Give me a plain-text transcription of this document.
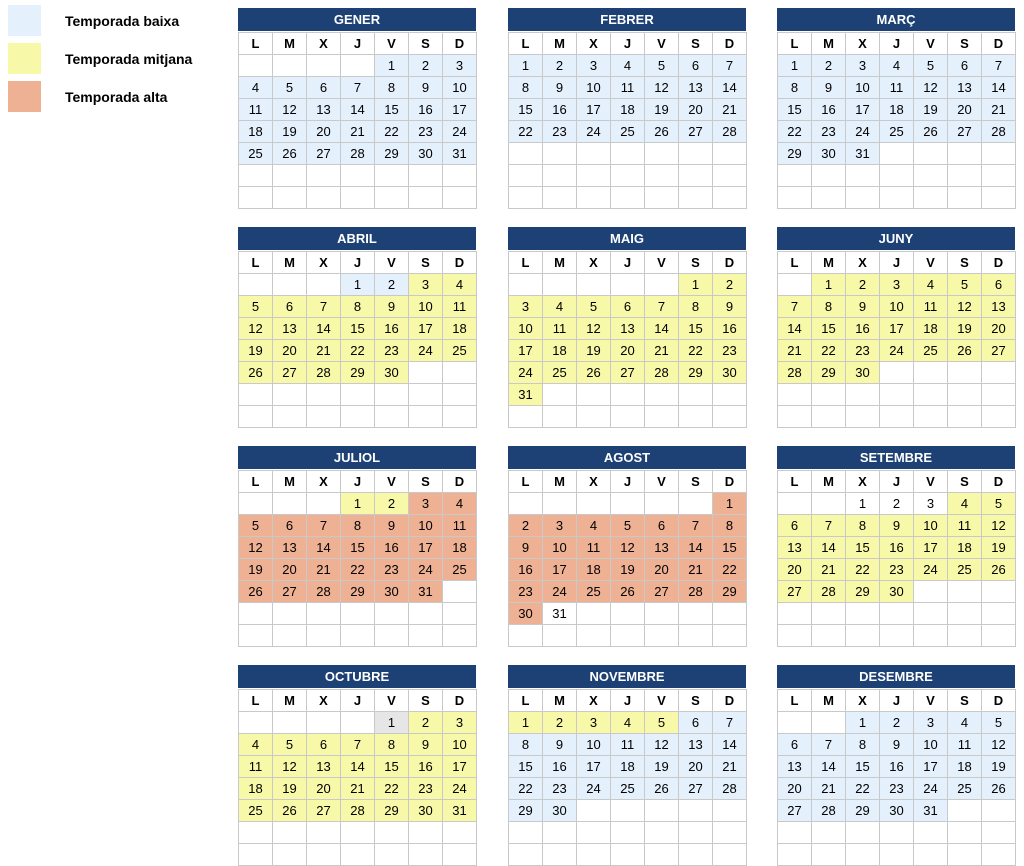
Temporada baixa
Temporada mitjana
Temporada alta
GENER
L	M	X	J	V	S	D
				1	2	3
4	5	6	7	8	9	10
11	12	13	14	15	16	17
18	19	20	21	22	23	24
25	26	27	28	29	30	31

FEBRER
L	M	X	J	V	S	D
1	2	3	4	5	6	7
8	9	10	11	12	13	14
15	16	17	18	19	20	21
22	23	24	25	26	27	28

MARÇ
L	M	X	J	V	S	D
1	2	3	4	5	6	7
8	9	10	11	12	13	14
15	16	17	18	19	20	21
22	23	24	25	26	27	28
29	30	31				

ABRIL
L	M	X	J	V	S	D
			1	2	3	4
5	6	7	8	9	10	11
12	13	14	15	16	17	18
19	20	21	22	23	24	25
26	27	28	29	30		

MAIG
L	M	X	J	V	S	D
					1	2
3	4	5	6	7	8	9
10	11	12	13	14	15	16
17	18	19	20	21	22	23
24	25	26	27	28	29	30
31						

JUNY
L	M	X	J	V	S	D
	1	2	3	4	5	6
7	8	9	10	11	12	13
14	15	16	17	18	19	20
21	22	23	24	25	26	27
28	29	30				

JULIOL
L	M	X	J	V	S	D
			1	2	3	4
5	6	7	8	9	10	11
12	13	14	15	16	17	18
19	20	21	22	23	24	25
26	27	28	29	30	31	

AGOST
L	M	X	J	V	S	D
						1
2	3	4	5	6	7	8
9	10	11	12	13	14	15
16	17	18	19	20	21	22
23	24	25	26	27	28	29
30	31					

SETEMBRE
L	M	X	J	V	S	D
		1	2	3	4	5
6	7	8	9	10	11	12
13	14	15	16	17	18	19
20	21	22	23	24	25	26
27	28	29	30			

OCTUBRE
L	M	X	J	V	S	D
				1	2	3
4	5	6	7	8	9	10
11	12	13	14	15	16	17
18	19	20	21	22	23	24
25	26	27	28	29	30	31

NOVEMBRE
L	M	X	J	V	S	D
1	2	3	4	5	6	7
8	9	10	11	12	13	14
15	16	17	18	19	20	21
22	23	24	25	26	27	28
29	30					

DESEMBRE
L	M	X	J	V	S	D
		1	2	3	4	5
6	7	8	9	10	11	12
13	14	15	16	17	18	19
20	21	22	23	24	25	26
27	28	29	30	31		
